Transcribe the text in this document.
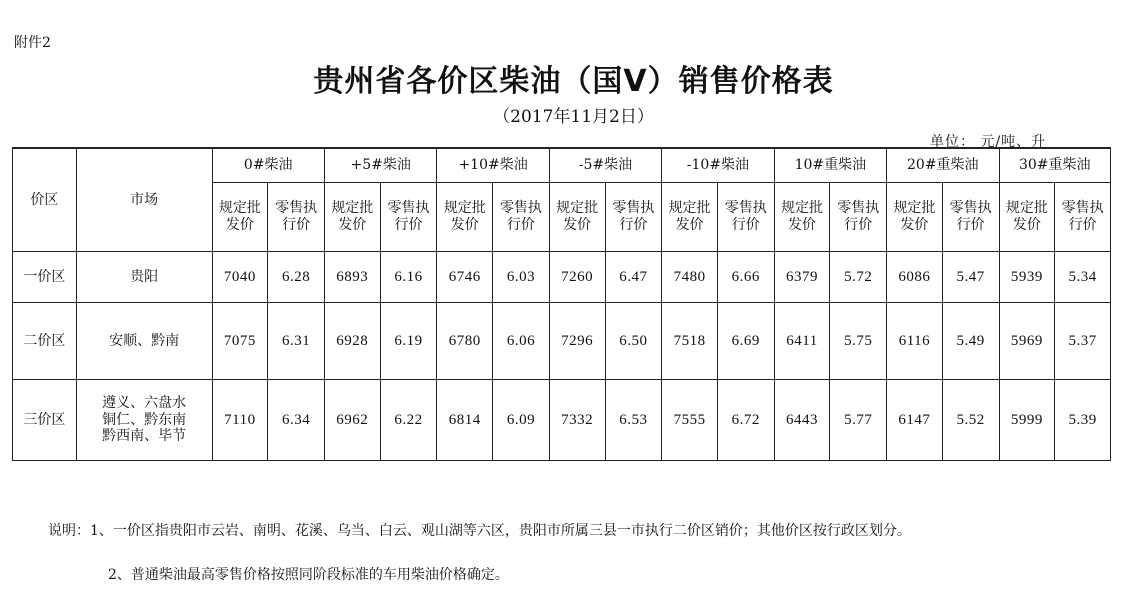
附件2
贵州省各价区柴油（国Ⅴ）销售价格表
（2017年11月2日）
单位： 元/吨、升
价区	市场	0#柴油		+5#柴油		+10#柴油		-5#柴油		-10#柴油		10#重柴油		20#重柴油		30#重柴油	
		规定批发价	零售执行价	规定批发价	零售执行价	规定批发价	零售执行价	规定批发价	零售执行价	规定批发价	零售执行价	规定批发价	零售执行价	规定批发价	零售执行价	规定批发价	零售执行价
一价区	贵阳	7040	6.28	6893	6.16	6746	6.03	7260	6.47	7480	6.66	6379	5.72	6086	5.47	5939	5.34
二价区	安顺、黔南	7075	6.31	6928	6.19	6780	6.06	7296	6.50	7518	6.69	6411	5.75	6116	5.49	5969	5.37
三价区	遵义、六盘水
铜仁、黔东南
黔西南、毕节	7110	6.34	6962	6.22	6814	6.09	7332	6.53	7555	6.72	6443	5.77	6147	5.52	5999	5.39
说明：1、一价区指贵阳市云岩、南明、花溪、乌当、白云、观山湖等六区，贵阳市所属三县一市执行二价区销价；其他价区按行政区划分。
2、普通柴油最高零售价格按照同阶段标准的车用柴油价格确定。
